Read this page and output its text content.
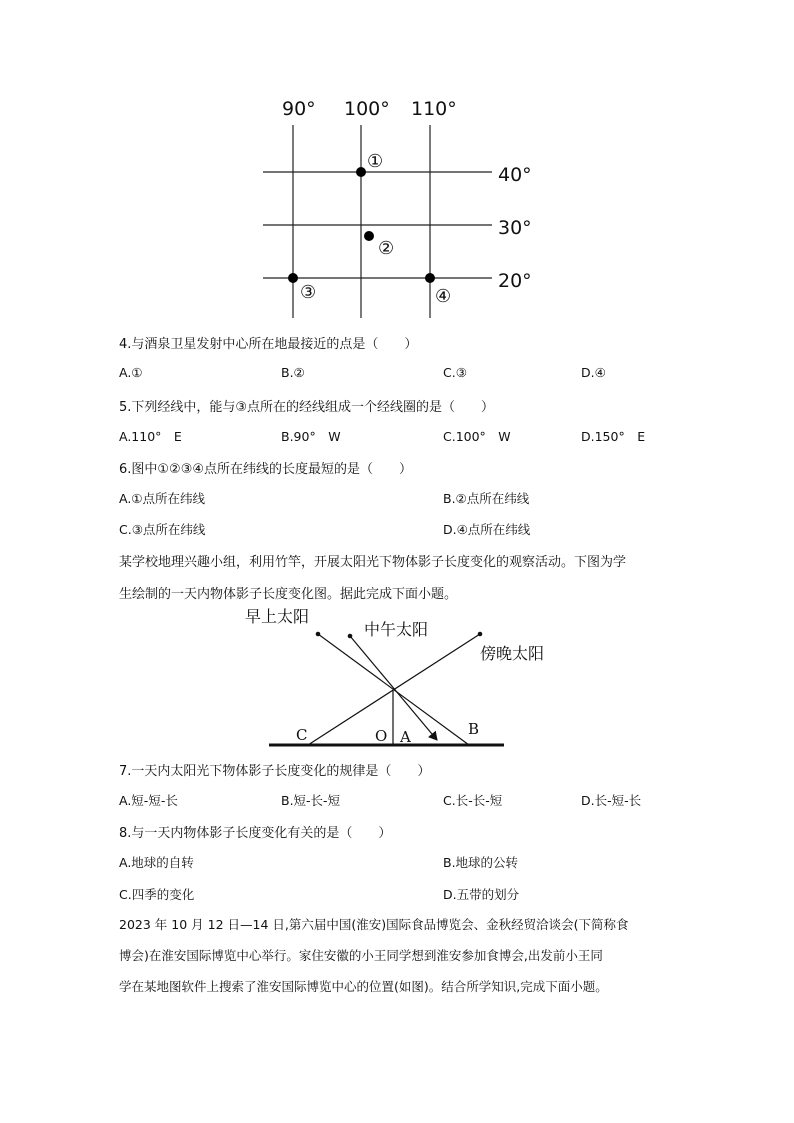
90° 100° 110°
40°
30°
20°
①
②
③	④
4.与酒泉卫星发射中心所在地最接近的点是（　　）
A.①	B.②	C.③	D.④
5.下列经线中，能与③点所在的经线组成一个经线圈的是（　　）
A.110°　E	B.90°　W	C.100°　W	D.150°　E
6.图中①②③④点所在纬线的长度最短的是（　　）
A.①点所在纬线	B.②点所在纬线
C.③点所在纬线	D.④点所在纬线
某学校地理兴趣小组，利用竹竿，开展太阳光下物体影子长度变化的观察活动。下图为学
生绘制的一天内物体影子长度变化图。据此完成下面小题。
早上太阳
中午太阳
傍晚太阳
C	O A	B
7.一天内太阳光下物体影子长度变化的规律是（　　）
A.短-短-长	B.短-长-短	C.长-长-短	D.长-短-长
8.与一天内物体影子长度变化有关的是（　　）
A.地球的自转	B.地球的公转
C.四季的变化	D.五带的划分
2023 年 10 月 12 日—14 日,第六届中国(淮安)国际食品博览会、金秋经贸洽谈会(下简称食
博会)在淮安国际博览中心举行。家住安徽的小王同学想到淮安参加食博会,出发前小王同
学在某地图软件上搜索了淮安国际博览中心的位置(如图)。结合所学知识,完成下面小题。
